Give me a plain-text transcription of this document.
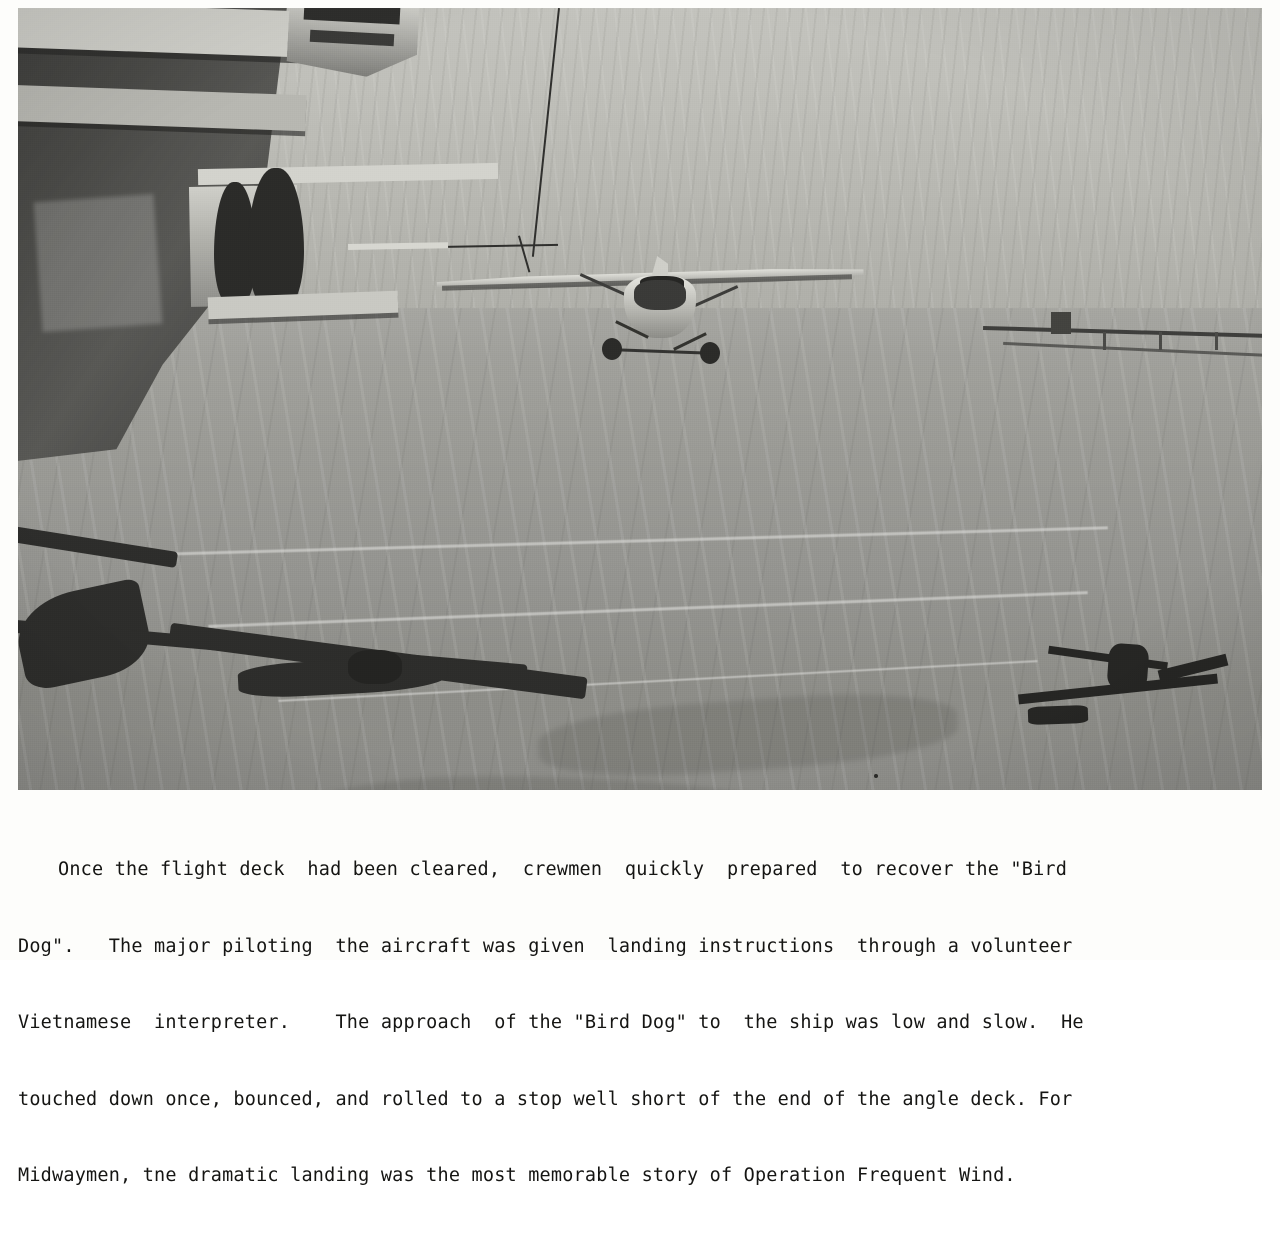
Once the flight deck  had been cleared,  crewmen  quickly  prepared  to recover the "Bird

Dog".   The major piloting  the aircraft was given  landing instructions  through a volunteer

Vietnamese  interpreter.    The approach  of the "Bird Dog" to  the ship was low and slow.  He

touched down once, bounced, and rolled to a stop well short of the end of the angle deck. For

Midwaymen, tne dramatic landing was the most memorable story of Operation Frequent Wind.
